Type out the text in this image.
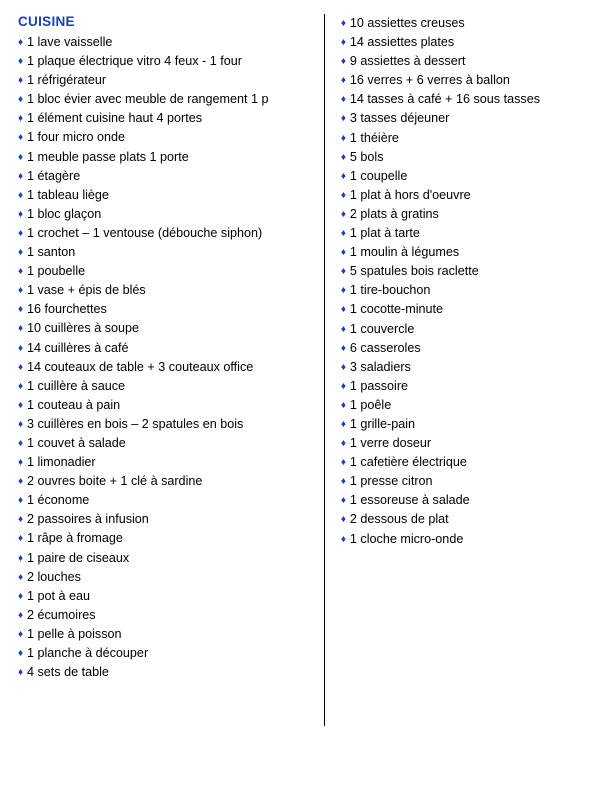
CUISINE
♦ 1 lave vaisselle
♦ 1 plaque électrique vitro 4 feux - 1 four
♦ 1 réfrigérateur
♦ 1 bloc évier avec meuble de rangement 1 p
♦ 1 élément cuisine haut 4 portes
♦ 1 four micro onde
♦ 1 meuble passe plats 1 porte
♦ 1 étagère
♦ 1 tableau liège
♦ 1 bloc glaçon
♦ 1 crochet – 1 ventouse (débouche siphon)
♦ 1 santon
♦ 1 poubelle
♦ 1 vase + épis de blés
♦ 16 fourchettes
♦ 10 cuillères à soupe
♦ 14 cuillères à café
♦ 14 couteaux de table + 3 couteaux office
♦ 1 cuillère à sauce
♦ 1 couteau à pain
♦ 3 cuillères en bois – 2 spatules en bois
♦ 1 couvet à salade
♦ 1 limonadier
♦ 2 ouvres boite + 1 clé à sardine
♦ 1 économe
♦ 2 passoires à infusion
♦ 1 râpe à fromage
♦ 1 paire de ciseaux
♦ 2 louches
♦ 1 pot à eau
♦ 2 écumoires
♦ 1 pelle à poisson
♦ 1 planche à découper
♦ 4 sets de table
♦ 10 assiettes creuses
♦ 14 assiettes plates
♦ 9 assiettes à dessert
♦ 16 verres + 6 verres à ballon
♦ 14 tasses à café + 16 sous tasses
♦ 3 tasses déjeuner
♦ 1 théière
♦ 5 bols
♦ 1 coupelle
♦ 1 plat à hors d'oeuvre
♦ 2 plats à gratins
♦ 1 plat à tarte
♦ 1 moulin à légumes
♦ 5 spatules bois raclette
♦ 1 tire-bouchon
♦ 1 cocotte-minute
♦ 1 couvercle
♦ 6 casseroles
♦ 3 saladiers
♦ 1 passoire
♦ 1 poêle
♦ 1 grille-pain
♦ 1 verre doseur
♦ 1 cafetière électrique
♦ 1 presse citron
♦ 1 essoreuse à salade
♦ 2 dessous de plat
♦ 1 cloche micro-onde
